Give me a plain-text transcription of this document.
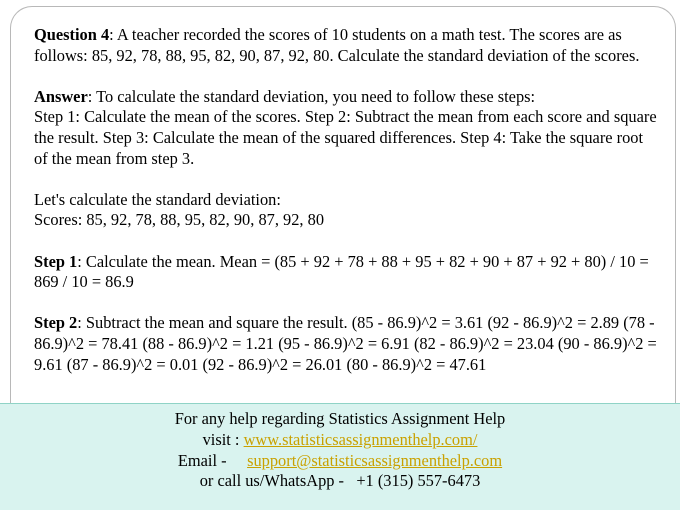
Question 4: A teacher recorded the scores of 10 students on a math test. The scores are as follows: 85, 92, 78, 88, 95, 82, 90, 87, 92, 80. Calculate the standard deviation of the scores.

Answer: To calculate the standard deviation, you need to follow these steps:

Step 1: Calculate the mean of the scores. Step 2: Subtract the mean from each score and square the result. Step 3: Calculate the mean of the squared differences. Step 4: Take the square root of the mean from step 3.

Let's calculate the standard deviation:

Scores: 85, 92, 78, 88, 95, 82, 90, 87, 92, 80

Step 1: Calculate the mean. Mean = (85 + 92 + 78 + 88 + 95 + 82 + 90 + 87 + 92 + 80) / 10 = 869 / 10 = 86.9

Step 2: Subtract the mean and square the result. (85 - 86.9)^2 = 3.61 (92 - 86.9)^2 = 2.89 (78 - 86.9)^2 = 78.41 (88 - 86.9)^2 = 1.21 (95 - 86.9)^2 = 6.91 (82 - 86.9)^2 = 23.04 (90 - 86.9)^2 = 9.61 (87 - 86.9)^2 = 0.01 (92 - 86.9)^2 = 26.01 (80 - 86.9)^2 = 47.61

For any help regarding Statistics Assignment Help

visit : www.statisticsassignmenthelp.com/

Email - support@statisticsassignmenthelp.com

or call us/WhatsApp - +1 (315) 557-6473
